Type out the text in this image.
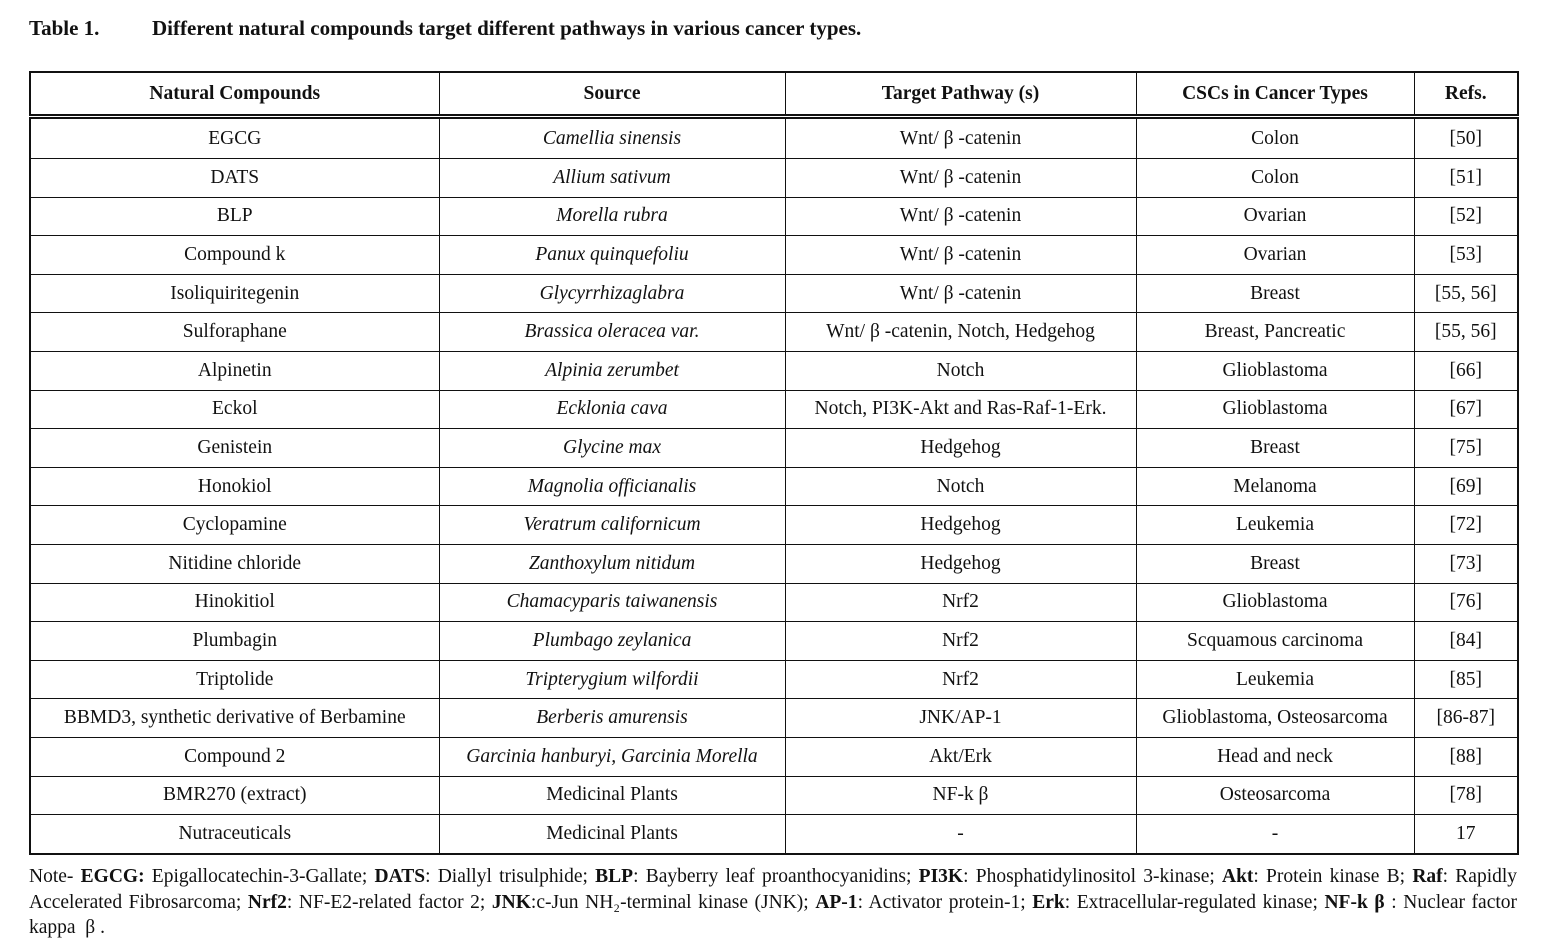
Table 1.	Different natural compounds target different pathways in various cancer types.
Natural Compounds	Source	Target Pathway (s)	CSCs in Cancer Types	Refs.
EGCG	Camellia sinensis	Wnt/ β -catenin	Colon	[50]
DATS	Allium sativum	Wnt/ β -catenin	Colon	[51]
BLP	Morella rubra	Wnt/ β -catenin	Ovarian	[52]
Compound k	Panux quinquefoliu	Wnt/ β -catenin	Ovarian	[53]
Isoliquiritegenin	Glycyrrhizaglabra	Wnt/ β -catenin	Breast	[55, 56]
Sulforaphane	Brassica oleracea var.	Wnt/ β -catenin, Notch, Hedgehog	Breast, Pancreatic	[55, 56]
Alpinetin	Alpinia zerumbet	Notch	Glioblastoma	[66]
Eckol	Ecklonia cava	Notch, PI3K-Akt and Ras-Raf-1-Erk.	Glioblastoma	[67]
Genistein	Glycine max	Hedgehog	Breast	[75]
Honokiol	Magnolia officianalis	Notch	Melanoma	[69]
Cyclopamine	Veratrum californicum	Hedgehog	Leukemia	[72]
Nitidine chloride	Zanthoxylum nitidum	Hedgehog	Breast	[73]
Hinokitiol	Chamacyparis taiwanensis	Nrf2	Glioblastoma	[76]
Plumbagin	Plumbago zeylanica	Nrf2	Scquamous carcinoma	[84]
Triptolide	Tripterygium wilfordii	Nrf2	Leukemia	[85]
BBMD3, synthetic derivative of Berbamine	Berberis amurensis	JNK/AP-1	Glioblastoma, Osteosarcoma	[86-87]
Compound 2	Garcinia hanburyi, Garcinia Morella	Akt/Erk	Head and neck	[88]
BMR270 (extract)	Medicinal Plants	NF-k β	Osteosarcoma	[78]
Nutraceuticals	Medicinal Plants	-	-	17
Note- EGCG: Epigallocatechin-3-Gallate; DATS: Diallyl trisulphide; BLP: Bayberry leaf proanthocyanidins; PI3K: Phosphatidylinositol 3-kinase; Akt: Protein kinase B; Raf: Rapidly Accelerated Fibrosarcoma; Nrf2: NF-E2-related factor 2; JNK:c-Jun NH₂-terminal kinase (JNK); AP-1: Activator protein-1; Erk: Extracellular-regulated kinase; NF-k β : Nuclear factor kappa  β .
